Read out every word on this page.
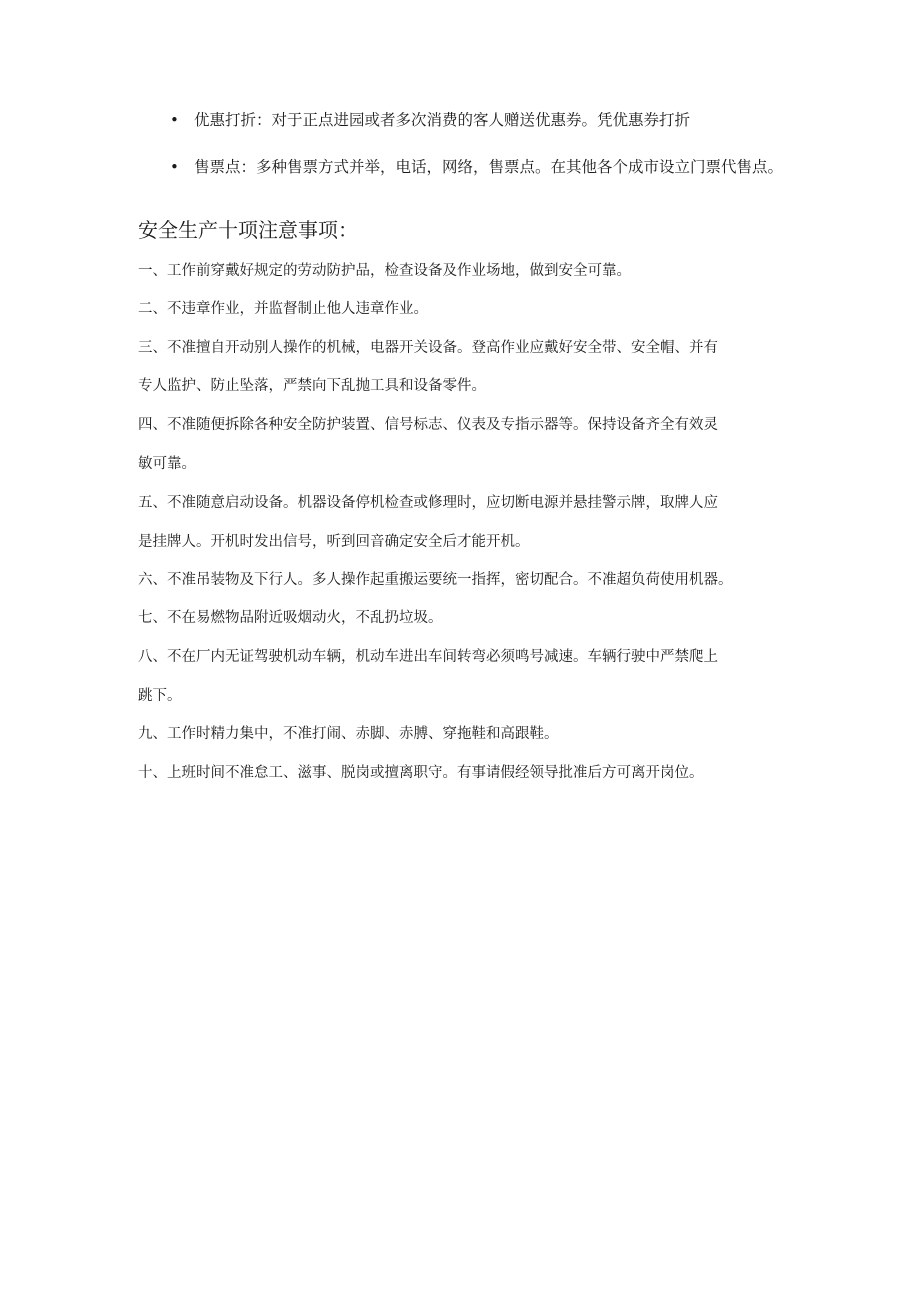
• 优惠打折：对于正点进园或者多次消费的客人赠送优惠券。凭优惠券打折
• 售票点：多种售票方式并举，电话，网络，售票点。在其他各个成市设立门票代售点。
安全生产十项注意事项：
一、工作前穿戴好规定的劳动防护品，检查设备及作业场地，做到安全可靠。
二、不违章作业，并监督制止他人违章作业。
三、不准擅自开动别人操作的机械，电器开关设备。登高作业应戴好安全带、安全帽、并有
专人监护、防止坠落，严禁向下乱抛工具和设备零件。
四、不准随便拆除各种安全防护装置、信号标志、仪表及专指示器等。保持设备齐全有效灵
敏可靠。
五、不准随意启动设备。机器设备停机检查或修理时，应切断电源并悬挂警示牌，取牌人应
是挂牌人。开机时发出信号，听到回音确定安全后才能开机。
六、不准吊装物及下行人。多人操作起重搬运要统一指挥，密切配合。不准超负荷使用机器。
七、不在易燃物品附近吸烟动火，不乱扔垃圾。
八、不在厂内无证驾驶机动车辆，机动车进出车间转弯必须鸣号减速。车辆行驶中严禁爬上
跳下。
九、工作时精力集中，不准打闹、赤脚、赤膊、穿拖鞋和高跟鞋。
十、上班时间不准怠工、滋事、脱岗或擅离职守。有事请假经领导批准后方可离开岗位。
